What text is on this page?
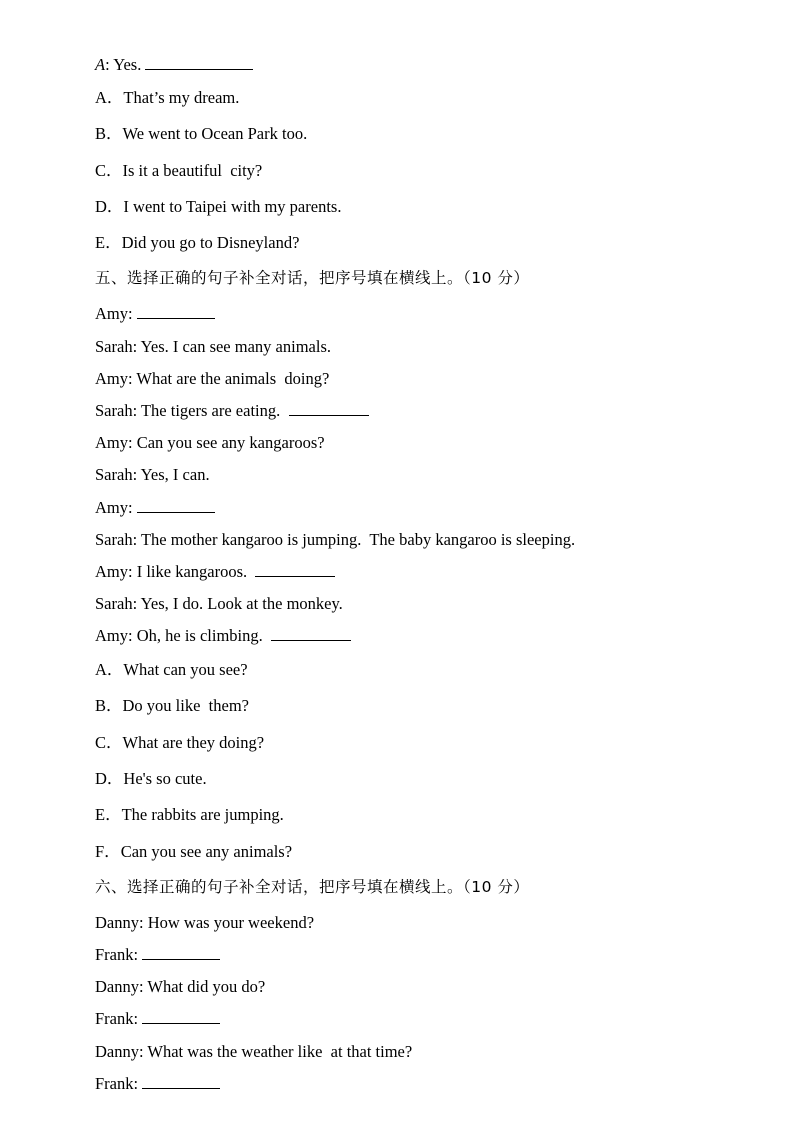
A: Yes.
A．That’s my dream.
B．We went to Ocean Park too.
C．Is it a beautiful  city?
D．I went to Taipei with my parents.
E．Did you go to Disneyland?
五、选择正确的句子补全对话，把序号填在横线上。（10 分）
Amy:
Sarah: Yes. I can see many animals.
Amy: What are the animals  doing?
Sarah: The tigers are eating.
Amy: Can you see any kangaroos?
Sarah: Yes, I can.
Amy:
Sarah: The mother kangaroo is jumping.  The baby kangaroo is sleeping.
Amy: I like kangaroos.
Sarah: Yes, I do. Look at the monkey.
Amy: Oh, he is climbing.
A．What can you see?
B．Do you like  them?
C．What are they doing?
D．He's so cute.
E．The rabbits are jumping.
F．Can you see any animals?
六、选择正确的句子补全对话，把序号填在横线上。（10 分）
Danny: How was your weekend?
Frank:
Danny: What did you do?
Frank:
Danny: What was the weather like  at that time?
Frank:
